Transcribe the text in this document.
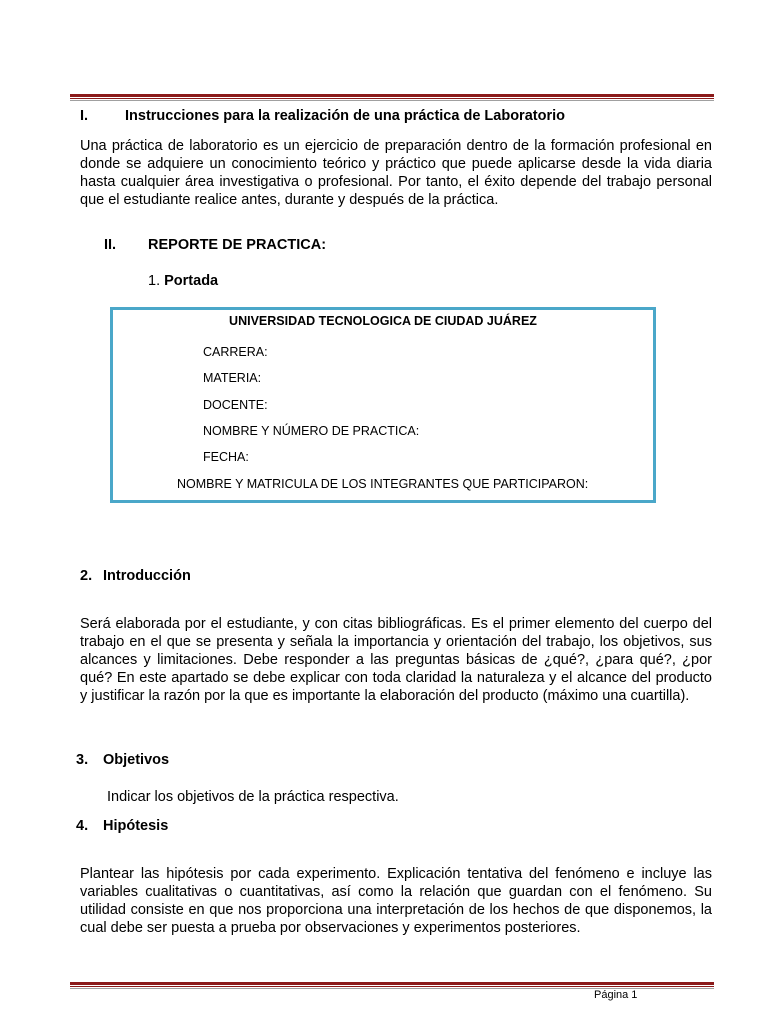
I.	Instrucciones para la realización de una práctica de Laboratorio
Una práctica de laboratorio es un ejercicio de preparación dentro de la formación profesional en donde se adquiere un conocimiento teórico y práctico que puede aplicarse desde la vida diaria hasta cualquier área investigativa o profesional. Por tanto, el éxito depende del trabajo personal que el estudiante realice antes, durante y después de la práctica.
II. REPORTE DE PRACTICA:
1. Portada
UNIVERSIDAD TECNOLOGICA DE CIUDAD JUÁREZ
CARRERA:
MATERIA:
DOCENTE:
NOMBRE Y NÚMERO DE PRACTICA:
FECHA:
NOMBRE Y MATRICULA DE LOS INTEGRANTES QUE PARTICIPARON:
2. Introducción
Será elaborada por el estudiante, y con citas bibliográficas. Es el primer elemento del cuerpo del trabajo en el que se presenta y señala la importancia y orientación del trabajo, los objetivos, sus alcances y limitaciones. Debe responder a las preguntas básicas de ¿qué?, ¿para qué?, ¿por qué? En este apartado se debe explicar con toda claridad la naturaleza y el alcance del producto y justificar la razón por la que es importante la elaboración del producto (máximo una cuartilla).
3. Objetivos
Indicar los objetivos de la práctica respectiva.
4. Hipótesis
Plantear las hipótesis por cada experimento. Explicación tentativa del fenómeno e incluye las variables cualitativas o cuantitativas, así como la relación que guardan con el fenómeno. Su utilidad consiste en que nos proporciona una interpretación de los hechos de que disponemos, la cual debe ser puesta a prueba por observaciones y experimentos posteriores.
Página 1
